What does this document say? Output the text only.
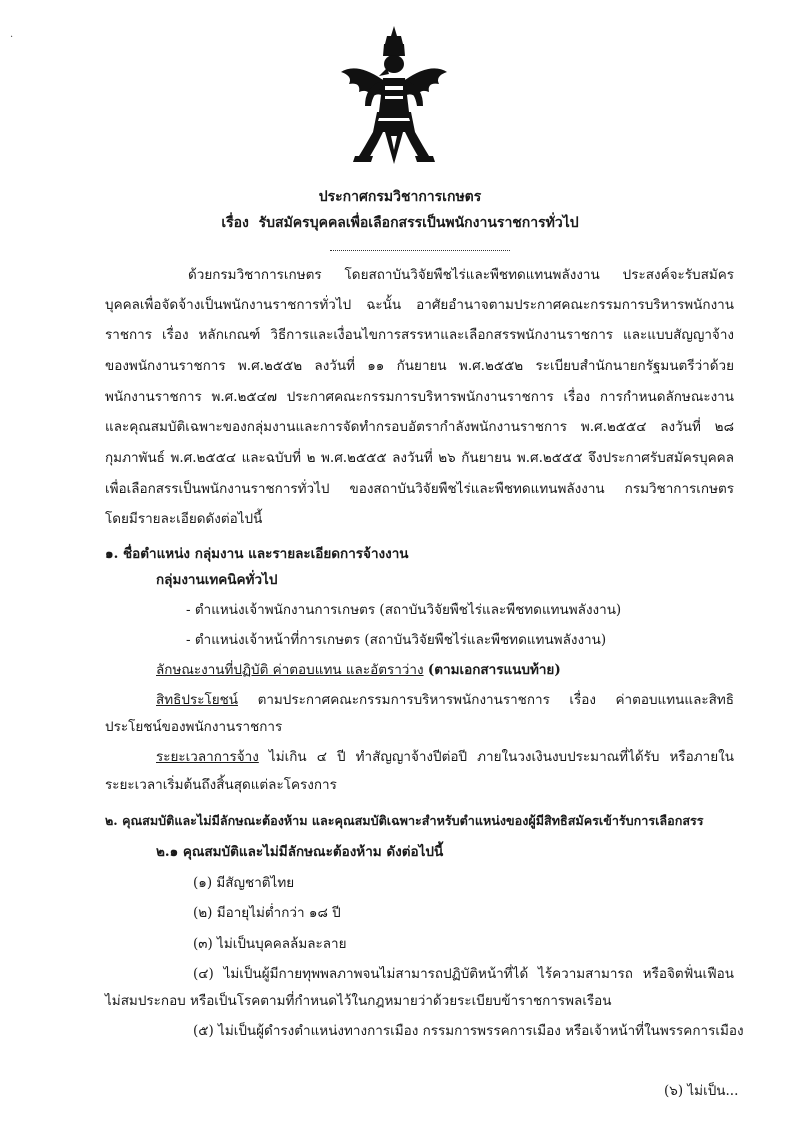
·
ประกาศกรมวิชาการเกษตร
เรื่อง รับสมัครบุคคลเพื่อเลือกสรรเป็นพนักงานราชการทั่วไป
ด้วยกรมวิชาการเกษตร โดยสถาบันวิจัยพืชไร่และพืชทดแทนพลังงาน ประสงค์จะรับสมัคร
บุคคลเพื่อจัดจ้างเป็นพนักงานราชการทั่วไป ฉะนั้น อาศัยอำนาจตามประกาศคณะกรรมการบริหารพนักงาน
ราชการ เรื่อง หลักเกณฑ์ วิธีการและเงื่อนไขการสรรหาและเลือกสรรพนักงานราชการ และแบบสัญญาจ้าง
ของพนักงานราชการ พ.ศ.๒๕๕๒ ลงวันที่ ๑๑ กันยายน พ.ศ.๒๕๕๒ ระเบียบสำนักนายกรัฐมนตรีว่าด้วย
พนักงานราชการ พ.ศ.๒๕๔๗ ประกาศคณะกรรมการบริหารพนักงานราชการ เรื่อง การกำหนดลักษณะงาน
และคุณสมบัติเฉพาะของกลุ่มงานและการจัดทำกรอบอัตรากำลังพนักงานราชการ พ.ศ.๒๕๕๔ ลงวันที่ ๒๘
กุมภาพันธ์ พ.ศ.๒๕๕๔ และฉบับที่ ๒ พ.ศ.๒๕๕๕ ลงวันที่ ๒๖ กันยายน พ.ศ.๒๕๕๕ จึงประกาศรับสมัครบุคคล
เพื่อเลือกสรรเป็นพนักงานราชการทั่วไป ของสถาบันวิจัยพืชไร่และพืชทดแทนพลังงาน กรมวิชาการเกษตร
โดยมีรายละเอียดดังต่อไปนี้
๑. ชื่อตำแหน่ง กลุ่มงาน และรายละเอียดการจ้างงาน
กลุ่มงานเทคนิคทั่วไป
- ตำแหน่งเจ้าพนักงานการเกษตร (สถาบันวิจัยพืชไร่และพืชทดแทนพลังงาน)
- ตำแหน่งเจ้าหน้าที่การเกษตร (สถาบันวิจัยพืชไร่และพืชทดแทนพลังงาน)
ลักษณะงานที่ปฏิบัติ ค่าตอบแทน และอัตราว่าง (ตามเอกสารแนบท้าย)
สิทธิประโยชน์ ตามประกาศคณะกรรมการบริหารพนักงานราชการ เรื่อง ค่าตอบแทนและสิทธิ
ประโยชน์ของพนักงานราชการ
ระยะเวลาการจ้าง ไม่เกิน ๔ ปี ทำสัญญาจ้างปีต่อปี ภายในวงเงินงบประมาณที่ได้รับ หรือภายใน
ระยะเวลาเริ่มต้นถึงสิ้นสุดแต่ละโครงการ
๒. คุณสมบัติและไม่มีลักษณะต้องห้าม และคุณสมบัติเฉพาะสำหรับตำแหน่งของผู้มีสิทธิสมัครเข้ารับการเลือกสรร
๒.๑ คุณสมบัติและไม่มีลักษณะต้องห้าม ดังต่อไปนี้
(๑) มีสัญชาติไทย
(๒) มีอายุไม่ต่ำกว่า ๑๘ ปี
(๓) ไม่เป็นบุคคลล้มละลาย
(๔) ไม่เป็นผู้มีกายทุพพลภาพจนไม่สามารถปฏิบัติหน้าที่ได้ ไร้ความสามารถ หรือจิตฟั่นเฟือน
ไม่สมประกอบ หรือเป็นโรคตามที่กำหนดไว้ในกฎหมายว่าด้วยระเบียบข้าราชการพลเรือน
(๕) ไม่เป็นผู้ดำรงตำแหน่งทางการเมือง กรรมการพรรคการเมือง หรือเจ้าหน้าที่ในพรรคการเมือง
(๖) ไม่เป็น...
